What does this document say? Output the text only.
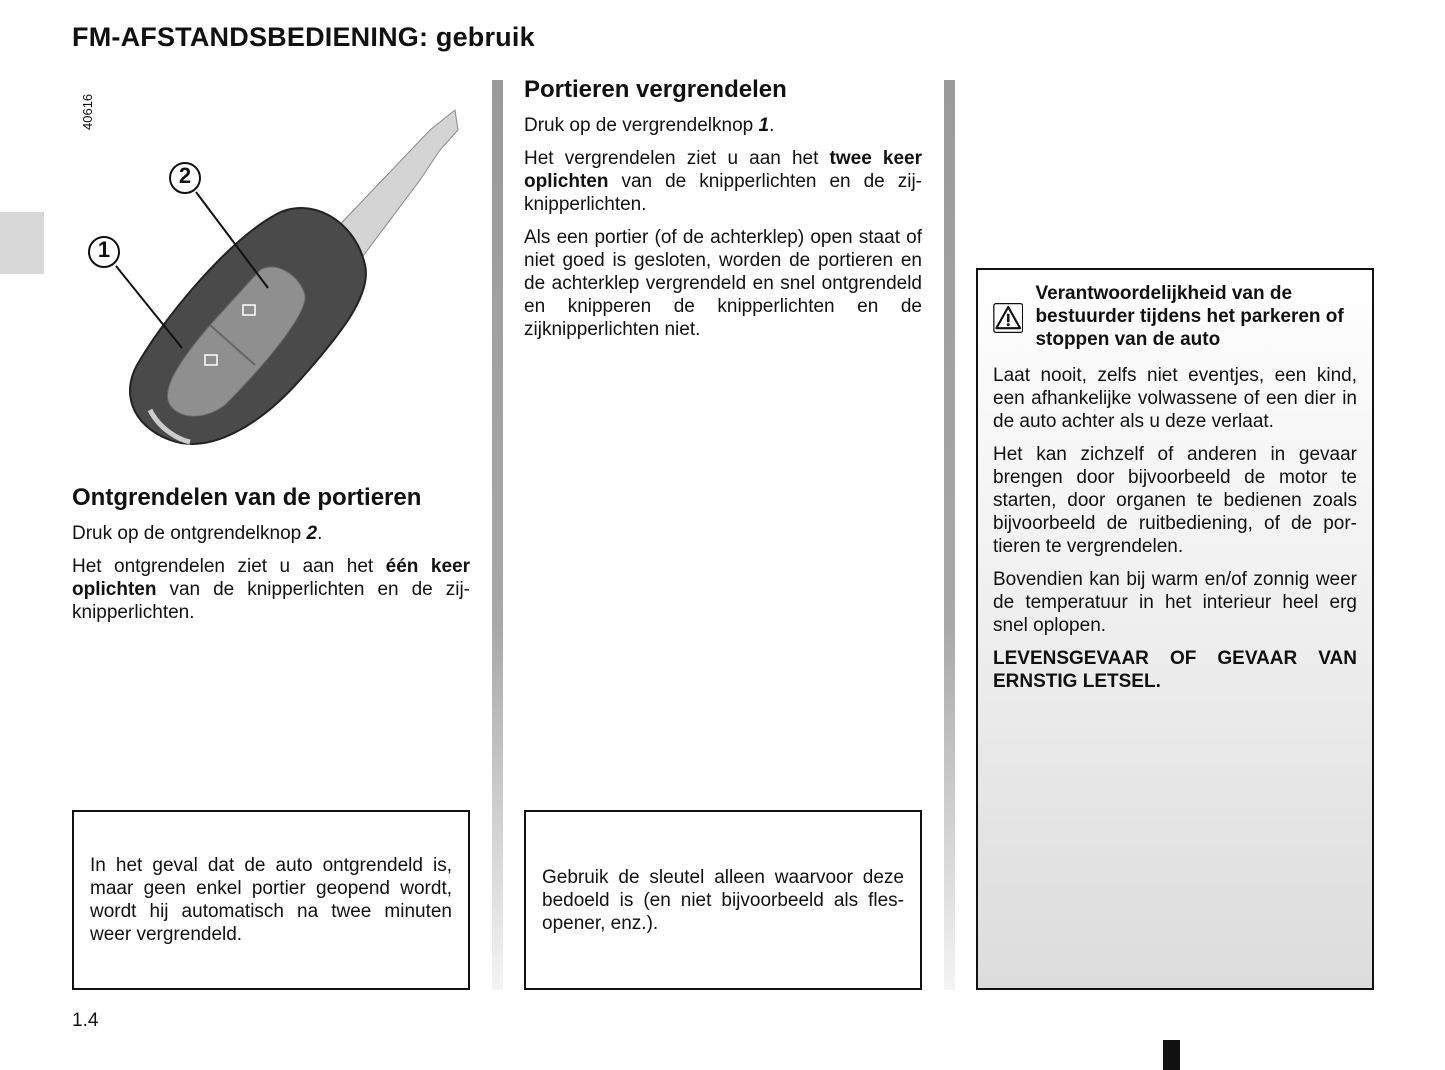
FM-AFSTANDSBEDIENING: gebruik
40616
1
2
Ontgrendelen van de portieren

Druk op de ontgrendelknop 2.

Het ontgrendelen ziet u aan het één keer oplichten van de knipperlichten en de zijknipperlichten.

In het geval dat de auto ontgrendeld is, maar geen enkel portier geopend wordt, wordt hij automatisch na twee minuten weer vergrendeld.

Portieren vergrendelen

Druk op de vergrendelknop 1.

Het vergrendelen ziet u aan het twee keer oplichten van de knipperlichten en de zijknipperlichten.

Als een portier (of de achterklep) open staat of niet goed is gesloten, worden de portieren en de achterklep vergrendeld en snel ontgrendeld en knipperen de knipperlichten en de zijknipperlichten niet.

Gebruik de sleutel alleen waarvoor deze bedoeld is (en niet bijvoorbeeld als flesopener, enz.).

Verantwoordelijkheid van de bestuurder tijdens het parkeren of stoppen van de auto

Laat nooit, zelfs niet eventjes, een kind, een afhankelijke volwassene of een dier in de auto achter als u deze verlaat.

Het kan zichzelf of anderen in gevaar brengen door bijvoorbeeld de motor te starten, door organen te bedienen zoals bijvoorbeeld de ruitbediening, of de portieren te vergrendelen.

Bovendien kan bij warm en/of zonnig weer de temperatuur in het interieur heel erg snel oplopen.

LEVENSGEVAAR OF GEVAAR VAN ERNSTIG LETSEL.

1.4
